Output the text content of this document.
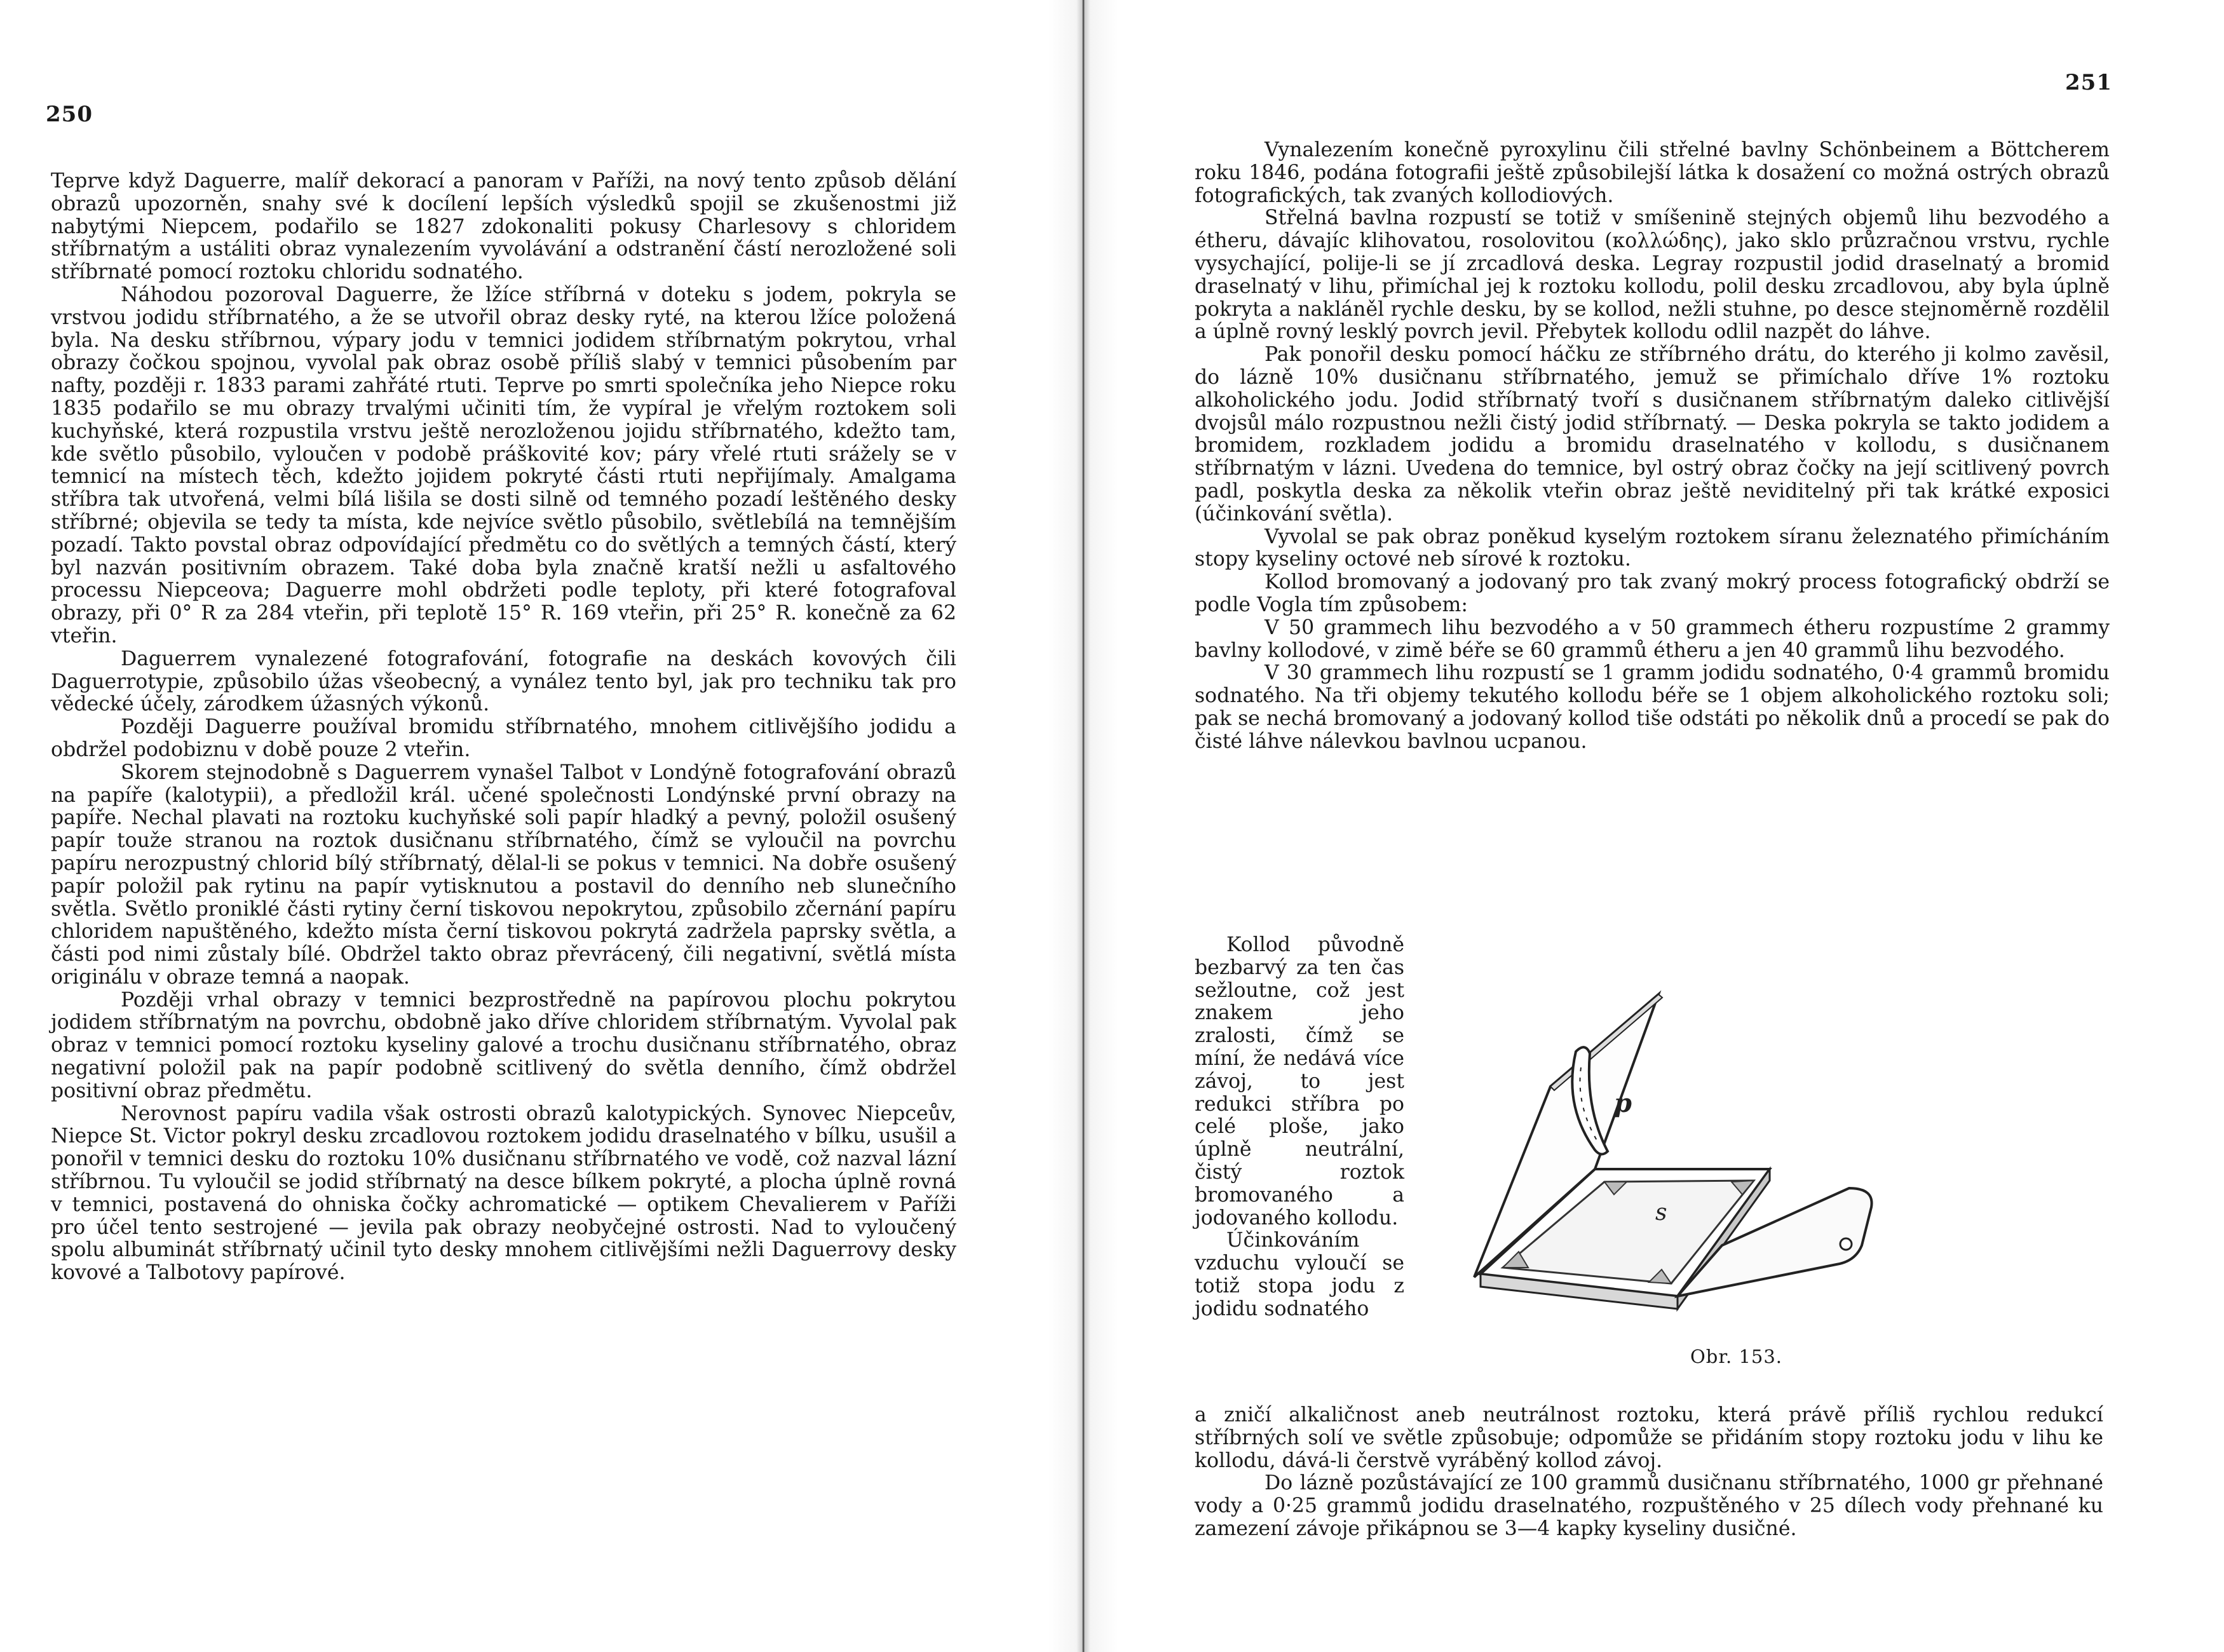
250

Teprve když Daguerre, malíř dekorací a panoram v Paříži, na nový tento způsob dělání obrazů upozorněn, snahy své k docílení lepších výsledků spojil se zkušenostmi již nabytými Niepcem, podařilo se 1827 zdokonaliti pokusy Charlesovy s chloridem stříbrnatým a ustáliti obraz vynalezením vyvolávání a odstranění částí nerozložené soli stříbrnaté pomocí roztoku chloridu sodnatého.

Náhodou pozoroval Daguerre, že lžíce stříbrná v doteku s jodem, pokryla se vrstvou jodidu stříbrnatého, a že se utvořil obraz desky ryté, na kterou lžíce položená byla. Na desku stříbrnou, výpary jodu v temnici jodidem stříbrnatým pokrytou, vrhal obrazy čočkou spojnou, vyvolal pak obraz osobě příliš slabý v temnici působením par nafty, později r. 1833 parami zahřáté rtuti. Teprve po smrti společníka jeho Niepce roku 1835 podařilo se mu obrazy trvalými učiniti tím, že vypíral je vřelým roztokem soli kuchyňské, která rozpustila vrstvu ještě nerozloženou jojidu stříbrnatého, kdežto tam, kde světlo působilo, vyloučen v podobě práškovité kov; páry vřelé rtuti srážely se v temnicí na místech těch, kdežto jojidem pokryté části rtuti nepřijímaly. Amalgama stříbra tak utvořená, velmi bílá lišila se dosti silně od temného pozadí leštěného desky stříbrné; objevila se tedy ta místa, kde nejvíce světlo působilo, světlebílá na temnějším pozadí. Takto povstal obraz odpovídající předmětu co do světlých a temných částí, který byl nazván positivním obrazem. Také doba byla značně kratší nežli u asfaltového processu Niepceova; Daguerre mohl obdržeti podle teploty, při které fotografoval obrazy, při 0° R za 284 vteřin, při teplotě 15° R. 169 vteřin, při 25° R. konečně za 62 vteřin.

Daguerrem vynalezené fotografování, fotografie na deskách kovových čili Daguerrotypie, způsobilo úžas všeobecný, a vynález tento byl, jak pro techniku tak pro vědecké účely, zárodkem úžasných výkonů.

Později Daguerre používal bromidu stříbrnatého, mnohem citlivějšího jodidu a obdržel podobiznu v době pouze 2 vteřin.

Skorem stejnodobně s Daguerrem vynašel Talbot v Londýně fotografování obrazů na papíře (kalotypii), a předložil král. učené společnosti Londýnské první obrazy na papíře. Nechal plavati na roztoku kuchyňské soli papír hladký a pevný, položil osušený papír touže stranou na roztok dusičnanu stříbrnatého, čímž se vyloučil na povrchu papíru nerozpustný chlorid bílý stříbrnatý, dělal-li se pokus v temnici. Na dobře osušený papír položil pak rytinu na papír vytisknutou a postavil do denního neb slunečního světla. Světlo proniklé části rytiny černí tiskovou nepokrytou, způsobilo zčernání papíru chloridem napuštěného, kdežto místa černí tiskovou pokrytá zadržela paprsky světla, a části pod nimi zůstaly bílé. Obdržel takto obraz převrácený, čili negativní, světlá místa originálu v obraze temná a naopak.

Později vrhal obrazy v temnici bezprostředně na papírovou plochu pokrytou jodidem stříbrnatým na povrchu, obdobně jako dříve chloridem stříbrnatým. Vyvolal pak obraz v temnici pomocí roztoku kyseliny galové a trochu dusičnanu stříbrnatého, obraz negativní položil pak na papír podobně scitlivený do světla denního, čímž obdržel positivní obraz předmětu.

Nerovnost papíru vadila však ostrosti obrazů kalotypických. Synovec Niepceův, Niepce St. Victor pokryl desku zrcadlovou roztokem jodidu draselnatého v bílku, usušil a ponořil v temnici desku do roztoku 10% dusičnanu stříbrnatého ve vodě, což nazval lázní stříbrnou. Tu vyloučil se jodid stříbrnatý na desce bílkem pokryté, a plocha úplně rovná v temnici, postavená do ohniska čočky achromatické — optikem Chevalierem v Paříži pro účel tento sestrojené — jevila pak obrazy neobyčejné ostrosti. Nad to vyloučený spolu albuminát stříbrnatý učinil tyto desky mnohem citlivějšími nežli Daguerrovy desky kovové a Talbotovy papírové.

251

Vynalezením konečně pyroxylinu čili střelné bavlny Schönbeinem a Böttcherem roku 1846, podána fotografii ještě způsobilejší látka k dosažení co možná ostrých obrazů fotografických, tak zvaných kollodiových.

Střelná bavlna rozpustí se totiž v smíšenině stejných objemů lihu bezvodého a étheru, dávajíc klihovatou, rosolovitou (κολλώδης), jako sklo průzračnou vrstvu, rychle vysychající, polije-li se jí zrcadlová deska. Legray rozpustil jodid draselnatý a bromid draselnatý v lihu, přimíchal jej k roztoku kollodu, polil desku zrcadlovou, aby byla úplně pokryta a nakláněl rychle desku, by se kollod, nežli stuhne, po desce stejnoměrně rozdělil a úplně rovný lesklý povrch jevil. Přebytek kollodu odlil nazpět do láhve.

Pak ponořil desku pomocí háčku ze stříbrného drátu, do kterého ji kolmo zavěsil, do lázně 10% dusičnanu stříbrnatého, jemuž se přimíchalo dříve 1% roztoku alkoholického jodu. Jodid stříbrnatý tvoří s dusičnanem stříbrnatým daleko citlivější dvojsůl málo rozpustnou nežli čistý jodid stříbrnatý. — Deska pokryla se takto jodidem a bromidem, rozkladem jodidu a bromidu draselnatého v kollodu, s dusičnanem stříbrnatým v lázni. Uvedena do temnice, byl ostrý obraz čočky na její scitlivený povrch padl, poskytla deska za několik vteřin obraz ještě neviditelný při tak krátké exposici (účinkování světla).

Vyvolal se pak obraz poněkud kyselým roztokem síranu železnatého přimícháním stopy kyseliny octové neb sírové k roztoku.

Kollod bromovaný a jodovaný pro tak zvaný mokrý process fotografický obdrží se podle Vogla tím způsobem:

V 50 grammech lihu bezvodého a v 50 grammech étheru rozpustíme 2 grammy bavlny kollodové, v zimě béře se 60 grammů étheru a jen 40 grammů lihu bezvodého.

V 30 grammech lihu rozpustí se 1 gramm jodidu sodnatého, 0·4 grammů bromidu sodnatého. Na tři objemy tekutého kollodu béře se 1 objem alkoholického roztoku soli; pak se nechá bromovaný a jodovaný kollod tiše odstáti po několik dnů a procedí se pak do čisté láhve nálevkou bavlnou ucpanou.

Kollod původně bezbarvý za ten čas sežloutne, což jest znakem jeho zralosti, čímž se míní, že nedává více závoj, to jest redukci stříbra po celé ploše, jako úplně neutrální, čistý roztok bromovaného a jodovaného kollodu.

Účinkováním vzduchu vyloučí se totiž stopa jodu z jodidu sodnatého

p
s
Obr. 153.

a zničí alkaličnost aneb neutrálnost roztoku, která právě příliš rychlou redukcí stříbrných solí ve světle způsobuje; odpomůže se přidáním stopy roztoku jodu v lihu ke kollodu, dává-li čerstvě vyráběný kollod závoj.

Do lázně pozůstávající ze 100 grammů dusičnanu stříbrnatého, 1000 gr přehnané vody a 0·25 grammů jodidu draselnatého, rozpuštěného v 25 dílech vody přehnané ku zamezení závoje přikápnou se 3—4 kapky kyseliny dusičné.
